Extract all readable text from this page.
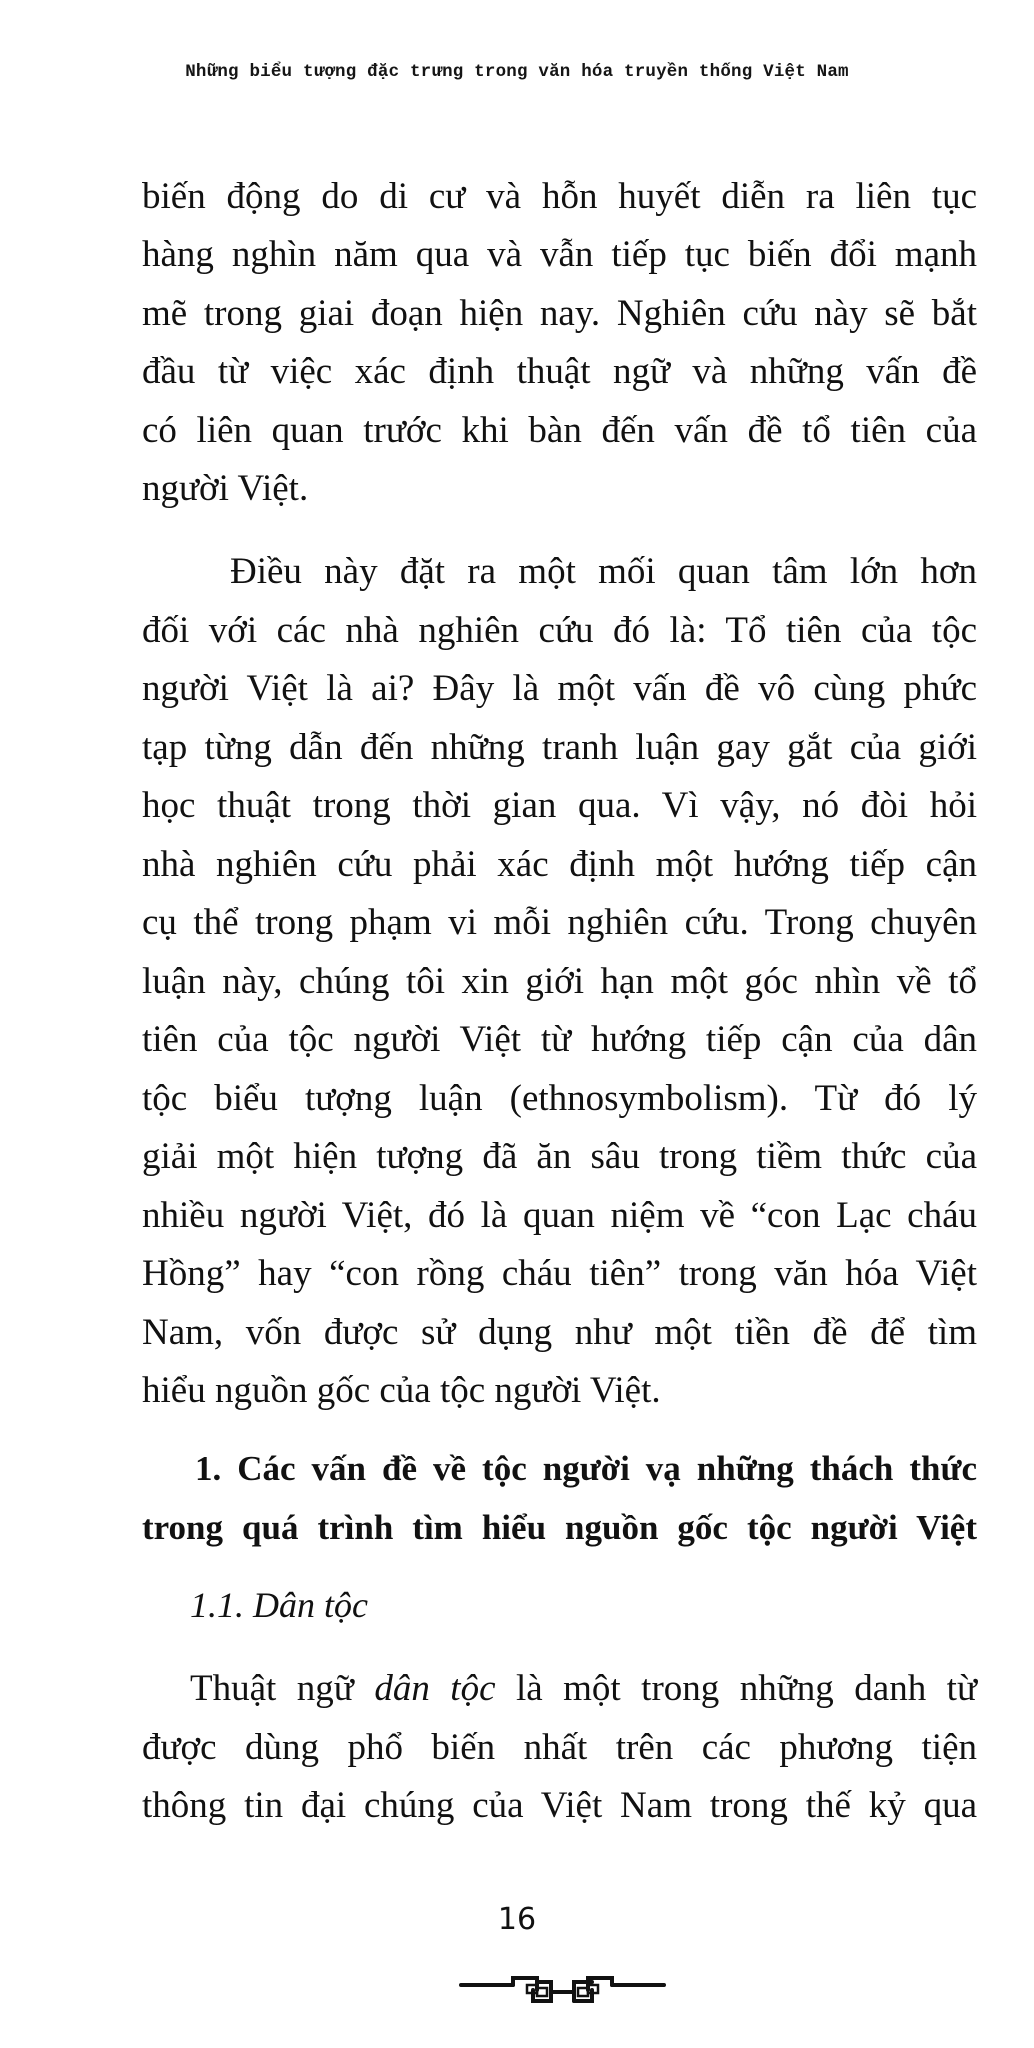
Những biểu tượng đặc trưng trong văn hóa truyền thống Việt Nam
biến động do di cư và hỗn huyết diễn ra liên tục
hàng nghìn năm qua và vẫn tiếp tục biến đổi mạnh
mẽ trong giai đoạn hiện nay. Nghiên cứu này sẽ bắt
đầu từ việc xác định thuật ngữ và những vấn đề
có liên quan trước khi bàn đến vấn đề tổ tiên của
người Việt.
Điều này đặt ra một mối quan tâm lớn hơn
đối với các nhà nghiên cứu đó là: Tổ tiên của tộc
người Việt là ai? Đây là một vấn đề vô cùng phức
tạp từng dẫn đến những tranh luận gay gắt của giới
học thuật trong thời gian qua. Vì vậy, nó đòi hỏi
nhà nghiên cứu phải xác định một hướng tiếp cận
cụ thể trong phạm vi mỗi nghiên cứu. Trong chuyên
luận này, chúng tôi xin giới hạn một góc nhìn về tổ
tiên của tộc người Việt từ hướng tiếp cận của dân
tộc biểu tượng luận (ethnosymbolism). Từ đó lý
giải một hiện tượng đã ăn sâu trong tiềm thức của
nhiều người Việt, đó là quan niệm về “con Lạc cháu
Hồng” hay “con rồng cháu tiên” trong văn hóa Việt
Nam, vốn được sử dụng như một tiền đề để tìm
hiểu nguồn gốc của tộc người Việt.
1. Các vấn đề về tộc người vạ những thách thức
trong quá trình tìm hiểu nguồn gốc tộc người Việt
1.1. Dân tộc
Thuật ngữ dân tộc là một trong những danh từ
được dùng phổ biến nhất trên các phương tiện
thông tin đại chúng của Việt Nam trong thế kỷ qua
16
